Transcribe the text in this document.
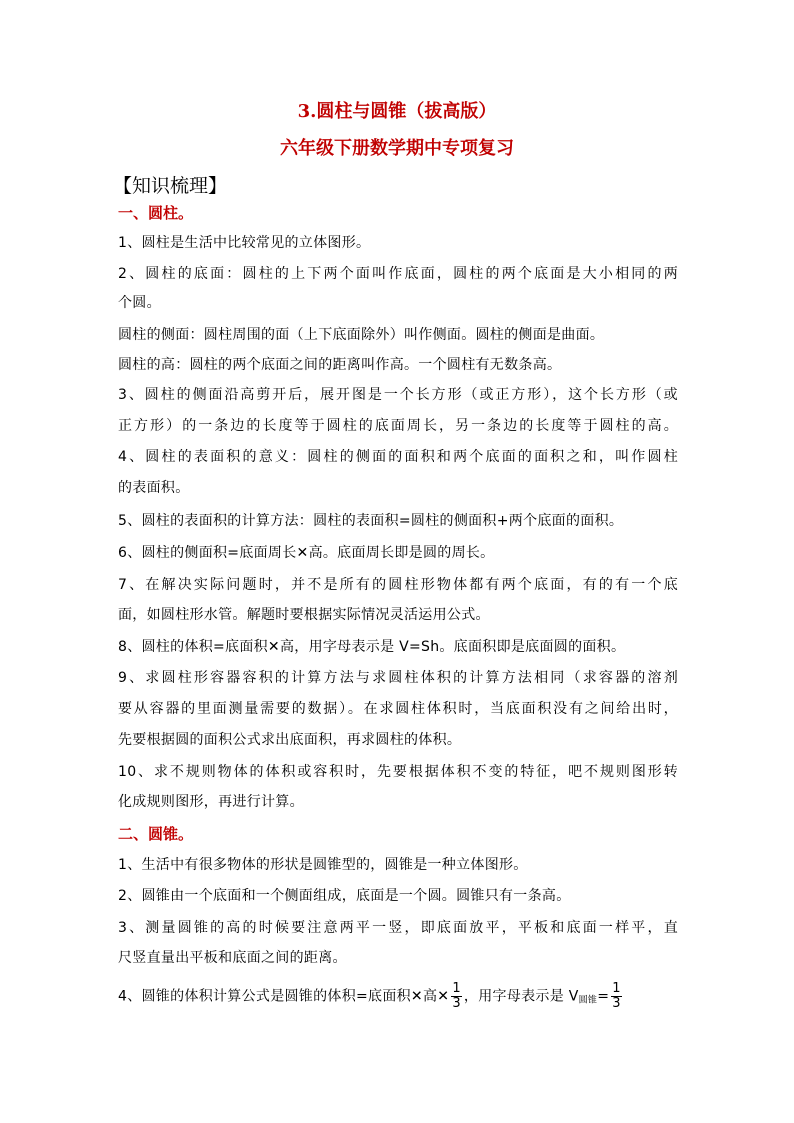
3.圆柱与圆锥（拔高版）
六年级下册数学期中专项复习
【知识梳理】
一、圆柱。
1、圆柱是生活中比较常见的立体图形。
2、圆柱的底面：圆柱的上下两个面叫作底面，圆柱的两个底面是大小相同的两
个圆。
圆柱的侧面：圆柱周围的面（上下底面除外）叫作侧面。圆柱的侧面是曲面。
圆柱的高：圆柱的两个底面之间的距离叫作高。一个圆柱有无数条高。
3、圆柱的侧面沿高剪开后，展开图是一个长方形（或正方形），这个长方形（或
正方形）的一条边的长度等于圆柱的底面周长，另一条边的长度等于圆柱的高。
4、圆柱的表面积的意义：圆柱的侧面的面积和两个底面的面积之和，叫作圆柱
的表面积。
5、圆柱的表面积的计算方法：圆柱的表面积=圆柱的侧面积+两个底面的面积。
6、圆柱的侧面积=底面周长✕高。底面周长即是圆的周长。
7、在解决实际问题时，并不是所有的圆柱形物体都有两个底面，有的有一个底
面，如圆柱形水管。解题时要根据实际情况灵活运用公式。
8、圆柱的体积=底面积✕高，用字母表示是 V=Sh。底面积即是底面圆的面积。
9、求圆柱形容器容积的计算方法与求圆柱体积的计算方法相同（求容器的溶剂
要从容器的里面测量需要的数据）。在求圆柱体积时，当底面积没有之间给出时，
先要根据圆的面积公式求出底面积，再求圆柱的体积。
10、求不规则物体的体积或容积时，先要根据体积不变的特征，吧不规则图形转
化成规则图形，再进行计算。
二、圆锥。
1、生活中有很多物体的形状是圆锥型的，圆锥是一种立体图形。
2、圆锥由一个底面和一个侧面组成，底面是一个圆。圆锥只有一条高。
3、测量圆锥的高的时候要注意两平一竖，即底面放平，平板和底面一样平，直
尺竖直量出平板和底面之间的距离。
4、圆锥的体积计算公式是圆锥的体积=底面积✕高✕ $\frac{1}{3}$ ，用字母表示是 $V_{圆锥}= \frac{1}{3}$
